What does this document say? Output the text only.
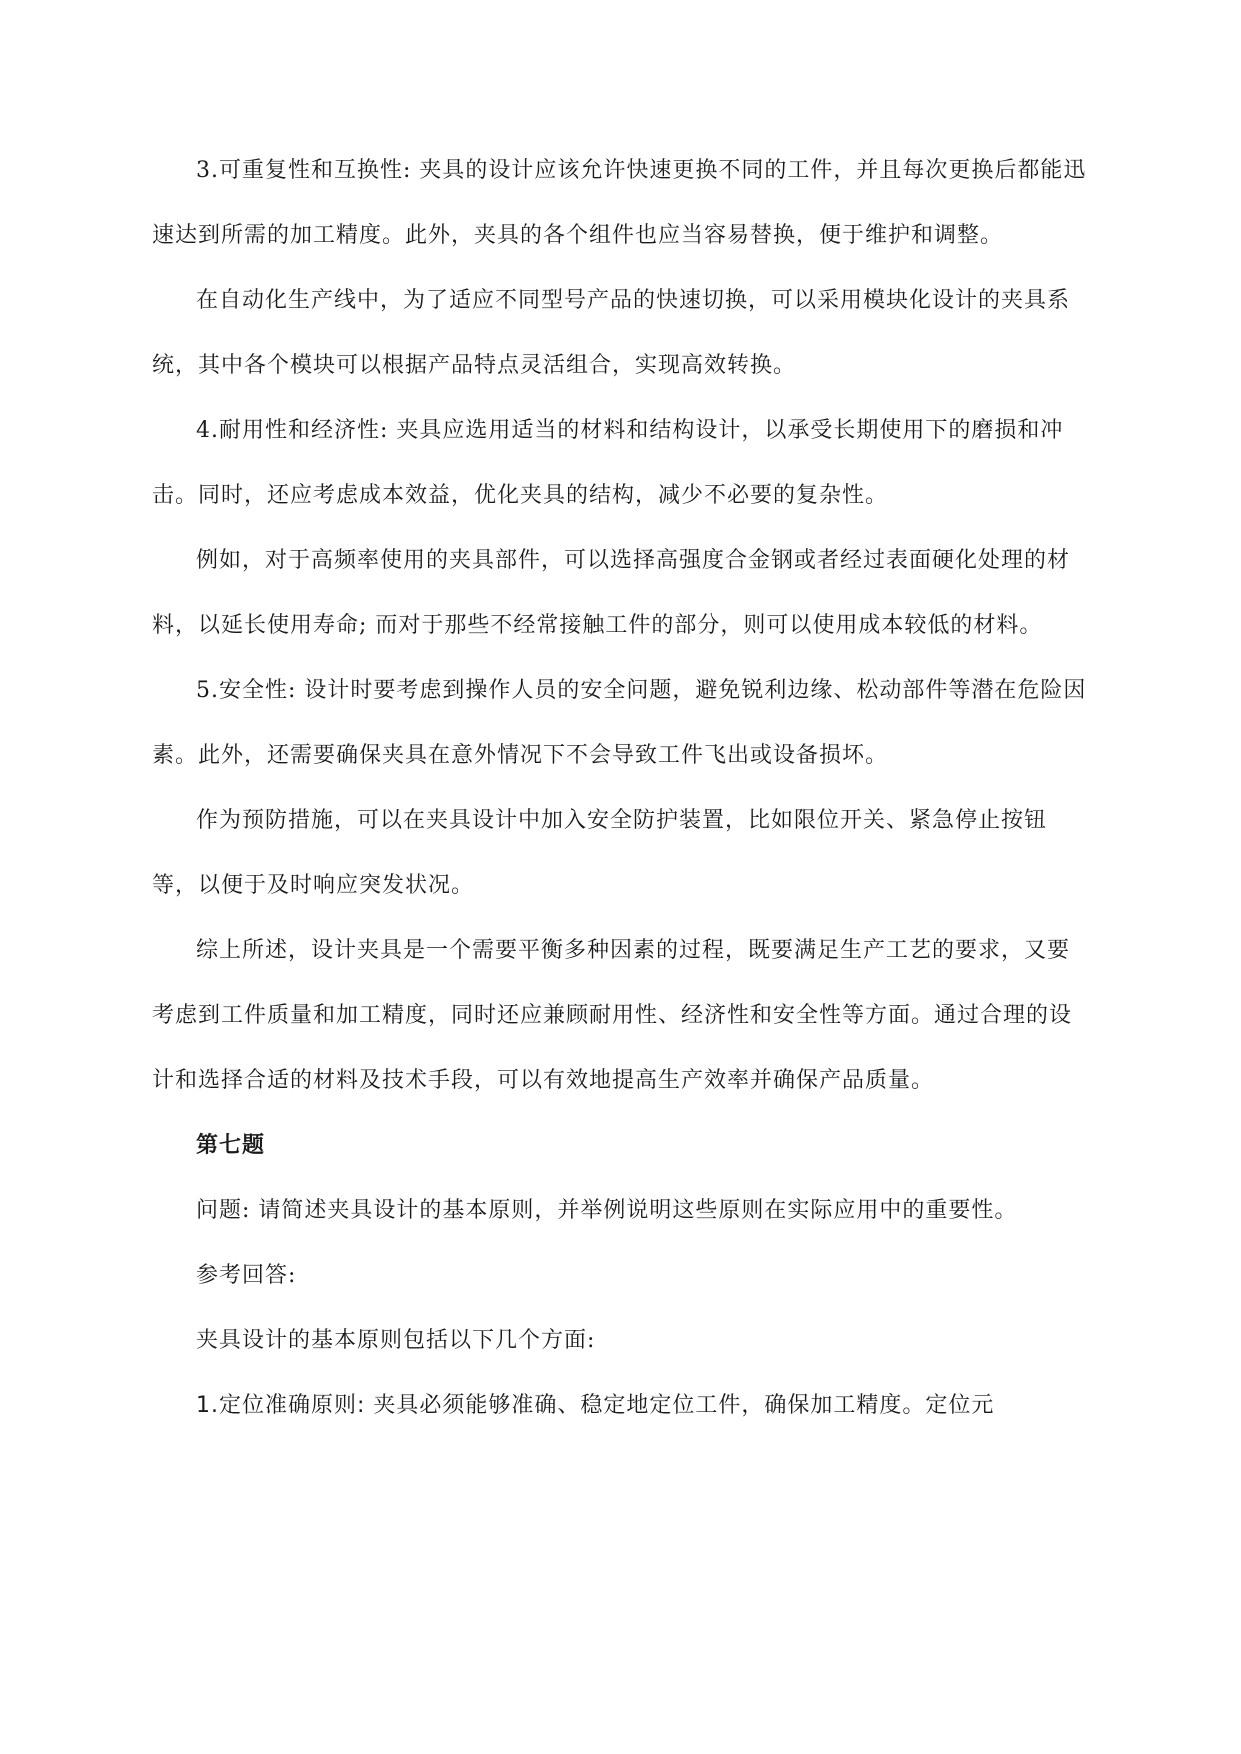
3.可重复性和互换性: 夹具的设计应该允许快速更换不同的工件，并且每次更换后都能迅速达到所需的加工精度。此外，夹具的各个组件也应当容易替换，便于维护和调整。

在自动化生产线中，为了适应不同型号产品的快速切换，可以采用模块化设计的夹具系统，其中各个模块可以根据产品特点灵活组合，实现高效转换。

4.耐用性和经济性: 夹具应选用适当的材料和结构设计，以承受长期使用下的磨损和冲击。同时，还应考虑成本效益，优化夹具的结构，减少不必要的复杂性。

例如，对于高频率使用的夹具部件，可以选择高强度合金钢或者经过表面硬化处理的材料，以延长使用寿命; 而对于那些不经常接触工件的部分，则可以使用成本较低的材料。

5.安全性: 设计时要考虑到操作人员的安全问题，避免锐利边缘、松动部件等潜在危险因素。此外，还需要确保夹具在意外情况下不会导致工件飞出或设备损坏。

作为预防措施，可以在夹具设计中加入安全防护装置，比如限位开关、紧急停止按钮等，以便于及时响应突发状况。

综上所述，设计夹具是一个需要平衡多种因素的过程，既要满足生产工艺的要求，又要考虑到工件质量和加工精度，同时还应兼顾耐用性、经济性和安全性等方面。通过合理的设计和选择合适的材料及技术手段，可以有效地提高生产效率并确保产品质量。

第七题

问题: 请简述夹具设计的基本原则，并举例说明这些原则在实际应用中的重要性。

参考回答:

夹具设计的基本原则包括以下几个方面:

1.定位准确原则: 夹具必须能够准确、稳定地定位工件，确保加工精度。定位元
